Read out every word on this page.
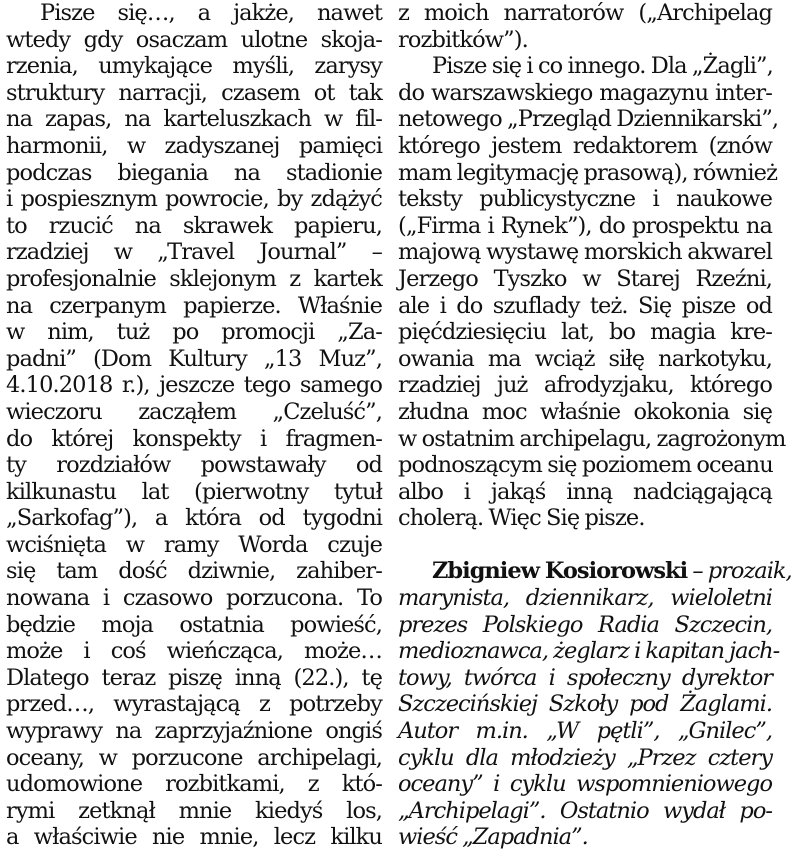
Pisze się…, a jakże, nawet
wtedy gdy osaczam ulotne skoja-
rzenia, umykające myśli, zarysy
struktury narracji, czasem ot tak
na zapas, na karteluszkach w fil-
harmonii, w zadyszanej pamięci
podczas biegania na stadionie
i pospiesznym powrocie, by zdążyć
to rzucić na skrawek papieru,
rzadziej w „Travel Journal” –
profesjonalnie sklejonym z kartek
na czerpanym papierze. Właśnie
w nim, tuż po promocji „Za-
padni” (Dom Kultury „13 Muz”,
4.10.2018 r.), jeszcze tego samego
wieczoru zacząłem „Czeluść”,
do której konspekty i fragmen-
ty rozdziałów powstawały od
kilkunastu lat (pierwotny tytuł
„Sarkofag”), a która od tygodni
wciśnięta w ramy Worda czuje
się tam dość dziwnie, zahiber-
nowana i czasowo porzucona. To
będzie moja ostatnia powieść,
może i coś wieńcząca, może…
Dlatego teraz piszę inną (22.), tę
przed…, wyrastającą z potrzeby
wyprawy na zaprzyjaźnione ongiś
oceany, w porzucone archipelagi,
udomowione rozbitkami, z któ-
rymi zetknął mnie kiedyś los,
a właściwie nie mnie, lecz kilku
z moich narratorów („Archipelag
rozbitków”).
Pisze się i co innego. Dla „Żagli”,
do warszawskiego magazynu inter-
netowego „Przegląd Dziennikarski”,
którego jestem redaktorem (znów
mam legitymację prasową), również
teksty publicystyczne i naukowe
(„Firma i Rynek”), do prospektu na
majową wystawę morskich akwarel
Jerzego Tyszko w Starej Rzeźni,
ale i do szuflady też. Się pisze od
pięćdziesięciu lat, bo magia kre-
owania ma wciąż siłę narkotyku,
rzadziej już afrodyzjaku, którego
złudna moc właśnie okokonia się
w ostatnim archipelagu, zagrożonym
podnoszącym się poziomem oceanu
albo i jakąś inną nadciągającą
cholerą. Więc Się pisze.
Zbigniew Kosiorowski – prozaik,
marynista, dziennikarz, wieloletni
prezes Polskiego Radia Szczecin,
medioznawca, żeglarz i kapitan jach-
towy, twórca i społeczny dyrektor
Szczecińskiej Szkoły pod Żaglami.
Autor m.in. „W pętli”, „Gnilec”,
cyklu dla młodzieży „Przez cztery
oceany” i cyklu wspomnieniowego
„Archipelagi”. Ostatnio wydał po-
wieść „Zapadnia”.
